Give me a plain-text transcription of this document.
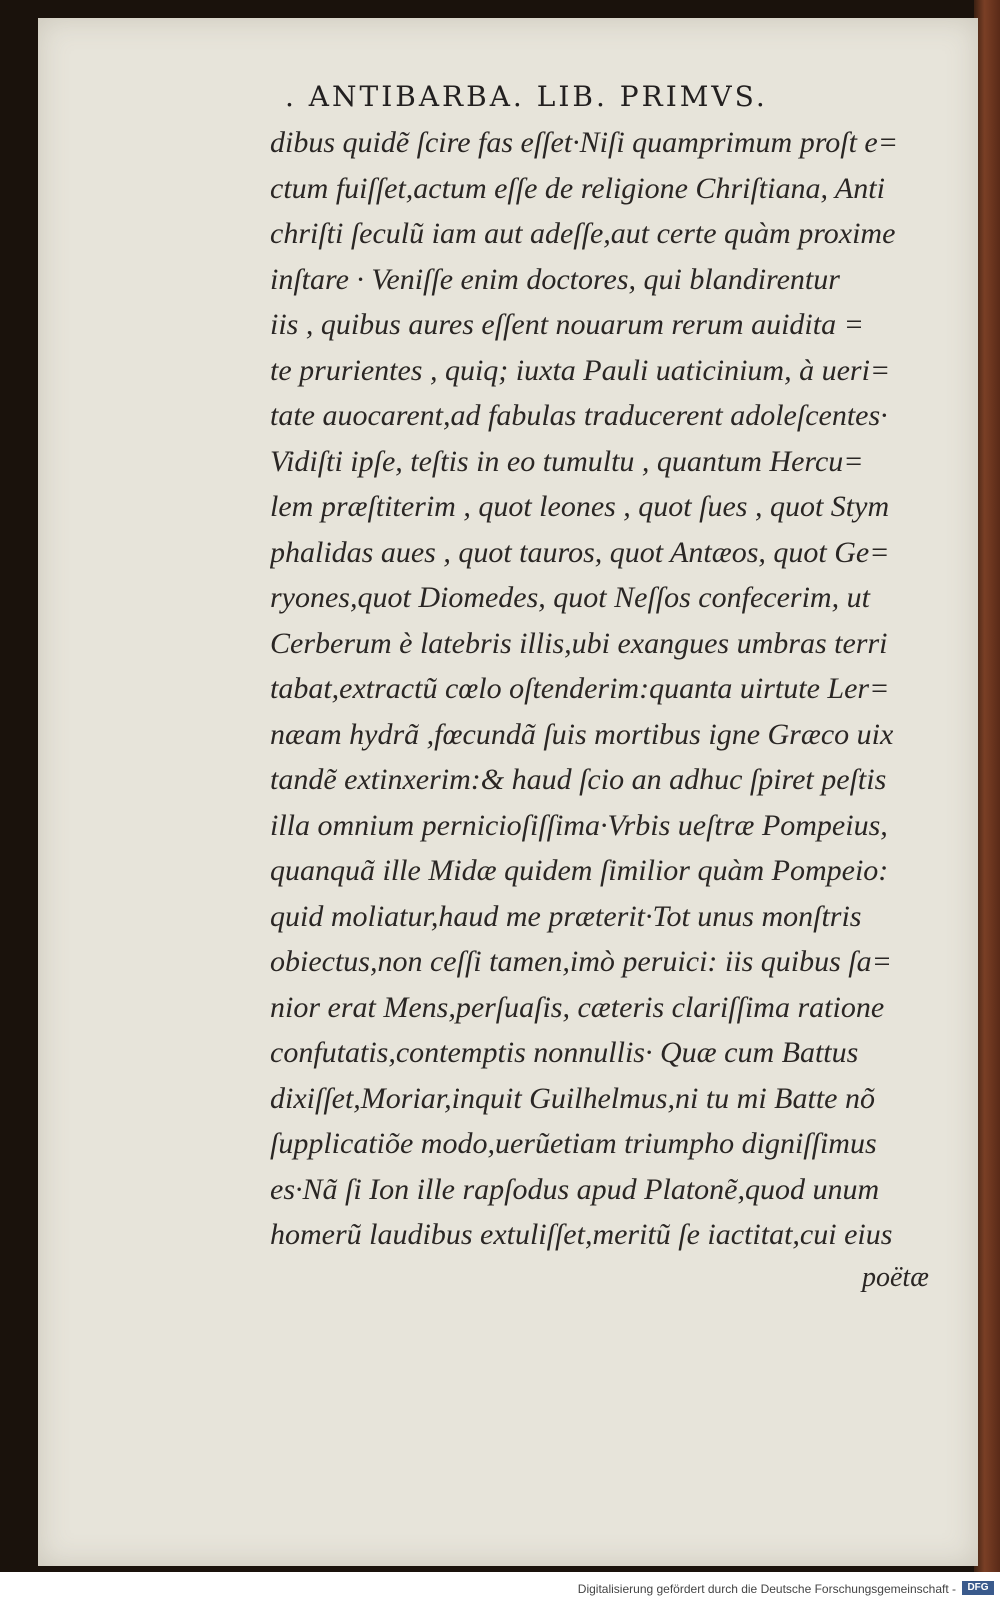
. ANTIBARBA. LIB. PRIMVS.
dibus quidẽ ſcire fas eſſet·Niſi quamprimum proſt e=
ctum fuiſſet,actum eſſe de religione Chriſtiana, Anti
chriſti ſeculũ iam aut adeſſe,aut certe quàm proxime
inſtare · Veniſſe enim doctores, qui blandirentur
iis , quibus aures eſſent nouarum rerum auidita =
te prurientes , quiq; iuxta Pauli uaticinium, à ueri=
tate auocarent,ad fabulas traducerent adoleſcentes·
Vidiſti ipſe, teſtis in eo tumultu , quantum Hercu=
lem præſtiterim , quot leones , quot ſues , quot Stym
phalidas aues , quot tauros, quot Antæos, quot Ge=
ryones,quot Diomedes, quot Neſſos confecerim, ut
Cerberum è latebris illis,ubi exangues umbras terri
tabat,extractũ cœlo oſtenderim:quanta uirtute Ler=
næam hydrã ,fœcundã ſuis mortibus igne Græco uix
tandẽ extinxerim:& haud ſcio an adhuc ſpiret peſtis
illa omnium pernicioſiſſima·Vrbis ueſtræ Pompeius,
quanquã ille Midæ quidem ſimilior quàm Pompeio:
quid moliatur,haud me præterit·Tot unus monſtris
obiectus,non ceſſi tamen,imò peruici: iis quibus ſa=
nior erat Mens,perſuaſis, cæteris clariſſima ratione
confutatis,contemptis nonnullis· Quæ cum Battus
dixiſſet,Moriar,inquit Guilhelmus,ni tu mi Batte nõ
ſupplicatiõe modo,uerũetiam triumpho digniſſimus
es·Nã ſi Ion ille rapſodus apud Platonẽ,quod unum
homerũ laudibus extuliſſet,meritũ ſe iactitat,cui eius
poëtæ
Digitalisierung gefördert durch die Deutsche Forschungsgemeinschaft -	DFG
